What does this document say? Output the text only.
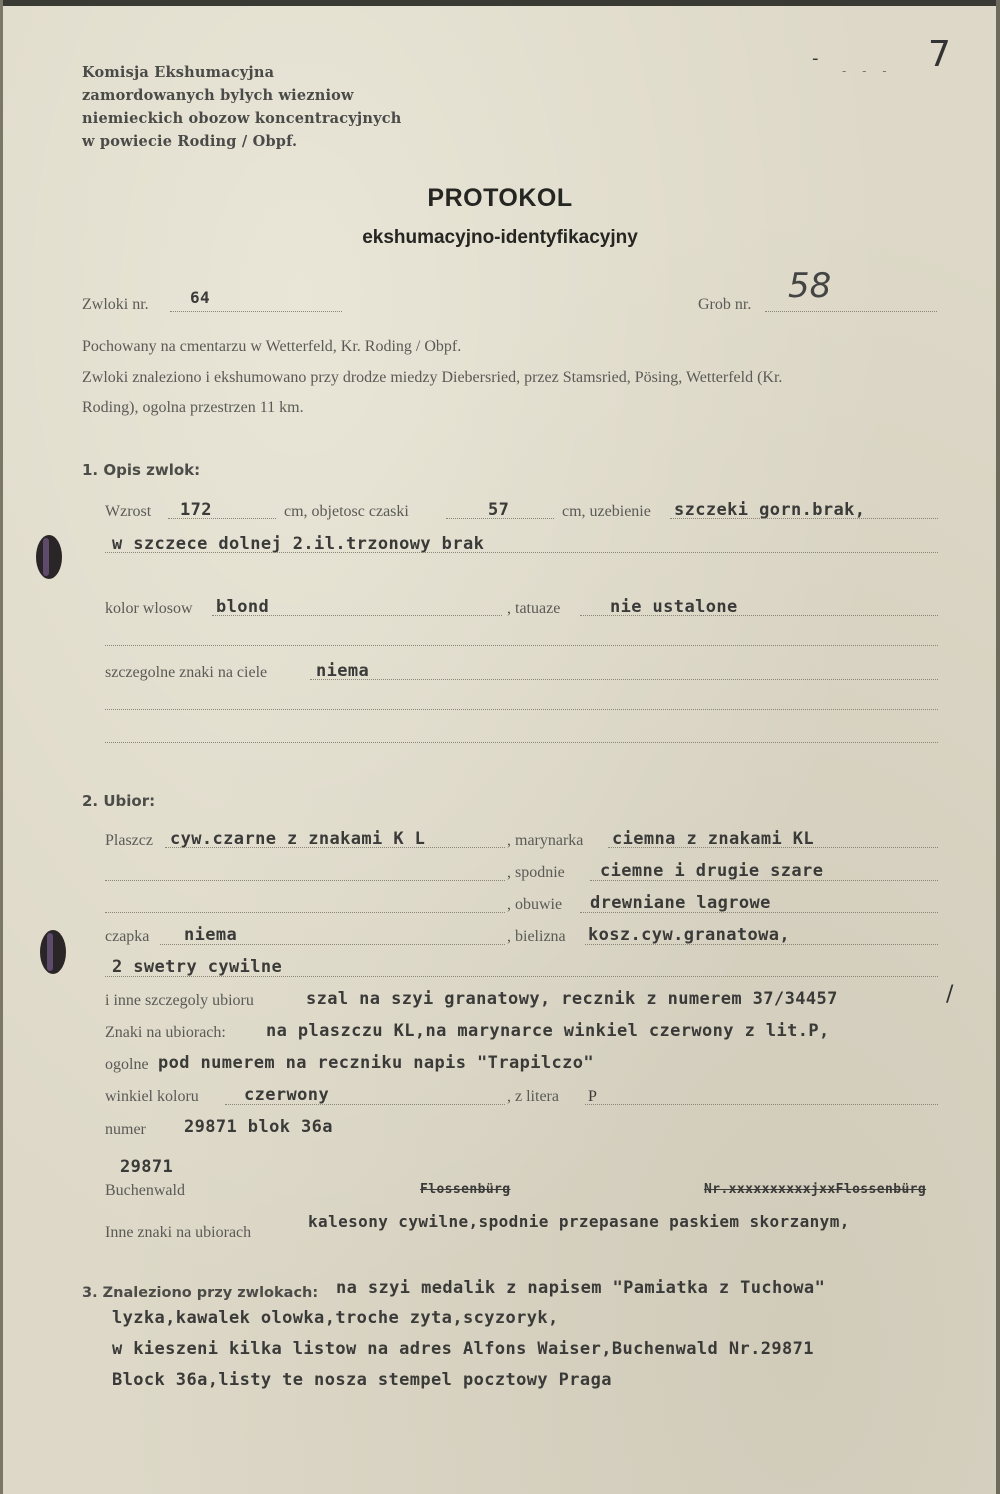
Komisja Ekshumacyjna
zamordowanych bylych wiezniow
niemieckich obozow koncentracyjnych
w powiecie Roding / Obpf.
-
- - - 7
PROTOKOL
ekshumacyjno-identyfikacyjny
Zwloki nr.	64	Grob nr. 58
Pochowany na cmentarzu w Wetterfeld, Kr. Roding / Obpf.
Zwloki znaleziono i ekshumowano przy drodze miedzy Diebersried, przez Stamsried, Pösing, Wetterfeld (Kr.
Roding), ogolna przestrzen 11 km.
1. Opis zwlok:
Wzrost 172	cm, objetosc czaski	57	cm, uzebienie szczeki gorn.brak,
w szczece dolnej 2.il.trzonowy brak
kolor wlosow blond	, tatuaze	nie ustalone
szczegolne znaki na ciele	niema
2. Ubior:
Plaszcz cyw.czarne z znakami K L	, marynarka ciemna z znakami KL
, spodnie ciemne i drugie szare
, obuwie drewniane lagrowe
czapka niema	, bielizna kosz.cyw.granatowa,
2 swetry cywilne
i inne szczegoly ubioru	szal na szyi granatowy, recznik z numerem 37/34457	/
Znaki na ubiorach: na plaszczu KL,na marynarce winkiel czerwony z lit.P,
ogolne pod numerem na reczniku napis "Trapilczo"
winkiel koloru	czerwony	, z litera P
numer 29871 blok 36a
29871
Buchenwald	Flossenbürg	Nr.xxxxxxxxxxjxxFlossenbürg
Inne znaki na ubiorach
kalesony cywilne,spodnie przepasane paskiem skorzanym,
3. Znaleziono przy zwlokach: na szyi medalik z napisem "Pamiatka z Tuchowa"
lyzka,kawalek olowka,troche zyta,scyzoryk,
w kieszeni kilka listow na adres Alfons Waiser,Buchenwald Nr.29871
Block 36a,listy te nosza stempel pocztowy Praga
